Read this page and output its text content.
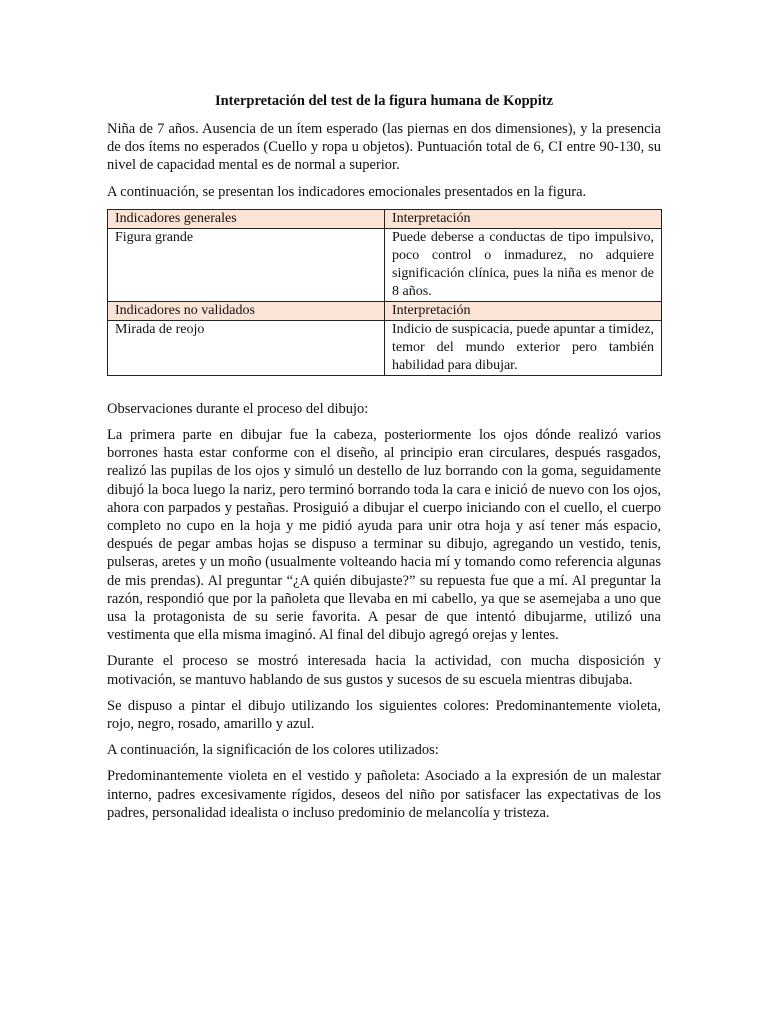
Interpretación del test de la figura humana de Koppitz

Niña de 7 años. Ausencia de un ítem esperado (las piernas en dos dimensiones), y la presencia de dos ítems no esperados (Cuello y ropa u objetos). Puntuación total de 6, CI entre 90-130, su nivel de capacidad mental es de normal a superior.

A continuación, se presentan los indicadores emocionales presentados en la figura.

Indicadores generales	Interpretación
Figura grande	Puede deberse a conductas de tipo impulsivo, poco control o inmadurez, no adquiere significación clínica, pues la niña es menor de 8 años.
Indicadores no validados	Interpretación
Mirada de reojo	Indicio de suspicacia, puede apuntar a timidez, temor del mundo exterior pero también habilidad para dibujar.

Observaciones durante el proceso del dibujo:

La primera parte en dibujar fue la cabeza, posteriormente los ojos dónde realizó varios borrones hasta estar conforme con el diseño, al principio eran circulares, después rasgados, realizó las pupilas de los ojos y simuló un destello de luz borrando con la goma, seguidamente dibujó la boca luego la nariz, pero terminó borrando toda la cara e inició de nuevo con los ojos, ahora con parpados y pestañas. Prosiguió a dibujar el cuerpo iniciando con el cuello, el cuerpo completo no cupo en la hoja y me pidió ayuda para unir otra hoja y así tener más espacio, después de pegar ambas hojas se dispuso a terminar su dibujo, agregando un vestido, tenis, pulseras, aretes y un moño (usualmente volteando hacia mí y tomando como referencia algunas de mis prendas). Al preguntar “¿A quién dibujaste?” su repuesta fue que a mí. Al preguntar la razón, respondió que por la pañoleta que llevaba en mi cabello, ya que se asemejaba a uno que usa la protagonista de su serie favorita. A pesar de que intentó dibujarme, utilizó una vestimenta que ella misma imaginó. Al final del dibujo agregó orejas y lentes.

Durante el proceso se mostró interesada hacia la actividad, con mucha disposición y motivación, se mantuvo hablando de sus gustos y sucesos de su escuela mientras dibujaba.

Se dispuso a pintar el dibujo utilizando los siguientes colores: Predominantemente violeta, rojo, negro, rosado, amarillo y azul.

A continuación, la significación de los colores utilizados:

Predominantemente violeta en el vestido y pañoleta: Asociado a la expresión de un malestar interno, padres excesivamente rígidos, deseos del niño por satisfacer las expectativas de los padres, personalidad idealista o incluso predominio de melancolía y tristeza.
